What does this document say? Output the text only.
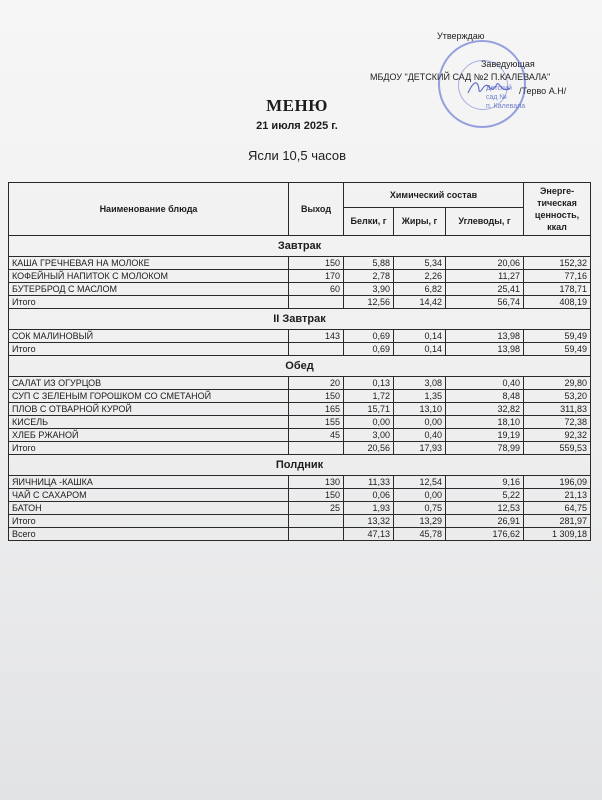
Утверждаю
Заведующая
МБДОУ "ДЕТСКИЙ САД №2 П.КАЛЕВАЛА"
/Терво А.Н/
Детский
сад №
п. Калевала
МЕНЮ
21 июля 2025 г.
Ясли 10,5 часов
Наименование блюда	Выход	Химический состав			Энерге-тическая ценность, ккал
		Белки, г	Жиры, г	Углеводы, г	
Завтрак					
КАША ГРЕЧНЕВАЯ НА МОЛОКЕ	150	5,88	5,34	20,06	152,32
КОФЕЙНЫЙ НАПИТОК С МОЛОКОМ	170	2,78	2,26	11,27	77,16
БУТЕРБРОД С МАСЛОМ	60	3,90	6,82	25,41	178,71
Итого		12,56	14,42	56,74	408,19
II Завтрак					
СОК МАЛИНОВЫЙ	143	0,69	0,14	13,98	59,49
Итого		0,69	0,14	13,98	59,49
Обед					
САЛАТ ИЗ ОГУРЦОВ	20	0,13	3,08	0,40	29,80
СУП С ЗЕЛЕНЫМ ГОРОШКОМ СО СМЕТАНОЙ	150	1,72	1,35	8,48	53,20
ПЛОВ С ОТВАРНОЙ КУРОЙ	165	15,71	13,10	32,82	311,83
КИСЕЛЬ	155	0,00	0,00	18,10	72,38
ХЛЕБ РЖАНОЙ	45	3,00	0,40	19,19	92,32
Итого		20,56	17,93	78,99	559,53
Полдник					
ЯИЧНИЦА -КАШКА	130	11,33	12,54	9,16	196,09
ЧАЙ С САХАРОМ	150	0,06	0,00	5,22	21,13
БАТОН	25	1,93	0,75	12,53	64,75
Итого		13,32	13,29	26,91	281,97
Всего		47,13	45,78	176,62	1 309,18
